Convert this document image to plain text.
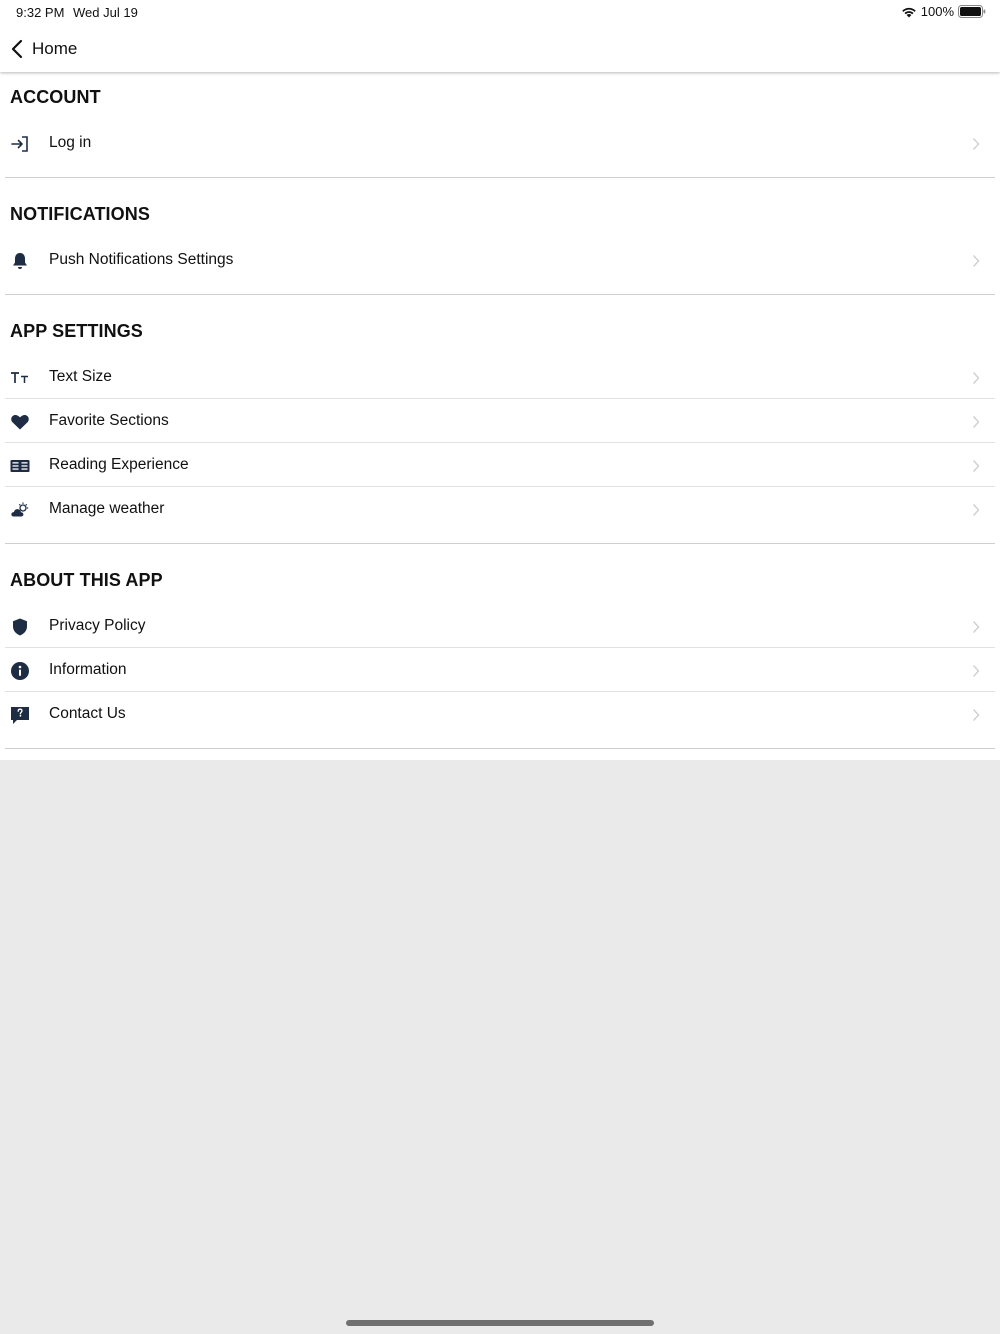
9:32 PM Wed Jul 19	100%
Home
ACCOUNT
Log in
NOTIFICATIONS
Push Notifications Settings
APP SETTINGS
Text Size
Favorite Sections
Reading Experience
Manage weather
ABOUT THIS APP
Privacy Policy
Information
Contact Us
